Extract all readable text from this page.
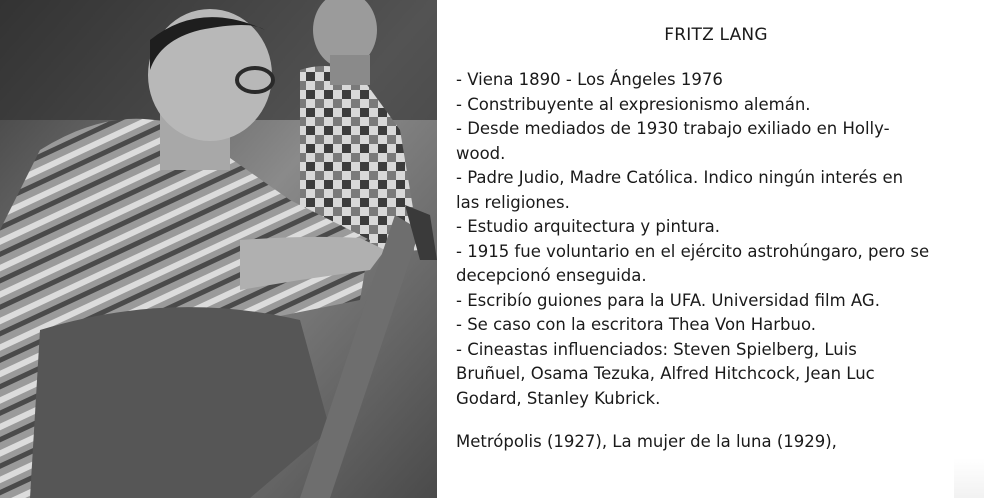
FRITZ LANG
- Viena 1890 - Los Ángeles 1976
- Constribuyente al expresionismo alemán.
- Desde mediados de 1930 trabajo exiliado en Holly-
wood.
- Padre Judio, Madre Católica. Indico ningún interés en
las religiones.
- Estudio arquitectura y pintura.
- 1915 fue voluntario en el ejército astrohúngaro, pero se
decepcionó enseguida.
- Escribío guiones para la UFA. Universidad film AG.
- Se caso con la escritora Thea Von Harbuo.
- Cineastas influenciados: Steven Spielberg, Luis
Bruñuel, Osama Tezuka, Alfred Hitchcock, Jean Luc
Godard, Stanley Kubrick.
Metrópolis (1927), La mujer de la luna (1929),
